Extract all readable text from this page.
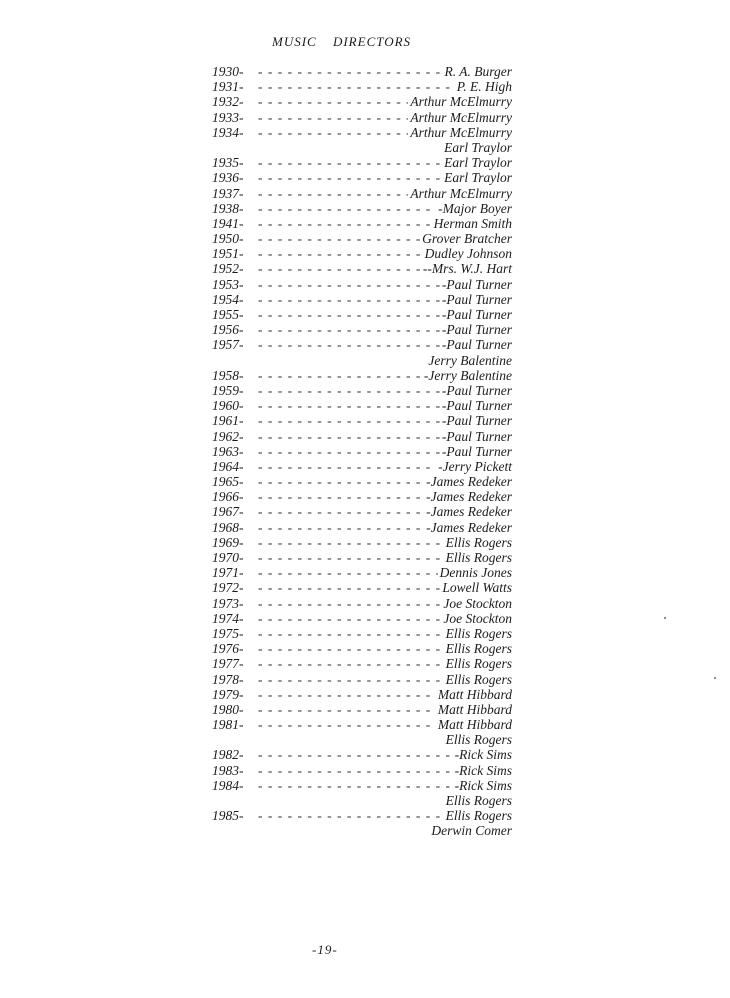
MUSIC DIRECTORS
1930- - - -	R. A. Burger
1931- - - -	P. E. High
1932- - - -	Arthur McElmurry
1933- - - -	Arthur McElmurry
1934- - - -	Arthur McElmurry
Earl Traylor
1935- - - -	Earl Traylor
1936- - - -	Earl Traylor
1937- - - -	Arthur McElmurry
1938- - - -	-Major Boyer
1941- - - -	Herman Smith
1950- - - -	Grover Bratcher
1951- - - -	Dudley Johnson
1952- - - -	--Mrs. W.J. Hart
1953- - - -	-Paul Turner
1954- - - -	-Paul Turner
1955- - - -	-Paul Turner
1956- - - -	-Paul Turner
1957- - - -	-Paul Turner
Jerry Balentine
1958- - - -	-Jerry Balentine
1959- - - -	-Paul Turner
1960- - - -	-Paul Turner
1961- - - -	-Paul Turner
1962- - - -	-Paul Turner
1963- - - -	-Paul Turner
1964- - - -	-Jerry Pickett
1965- - - -	-James Redeker
1966- - - -	-James Redeker
1967- - - -	-James Redeker
1968- - - -	-James Redeker
1969- - - -	Ellis Rogers
1970- - - -	Ellis Rogers
1971- - - -	Dennis Jones
1972- - - -	Lowell Watts
1973- - - -	Joe Stockton
1974- - - -	Joe Stockton
1975- - - -	Ellis Rogers
1976- - - -	Ellis Rogers
1977- - - -	Ellis Rogers
1978- - - -	Ellis Rogers
1979- - - -	Matt Hibbard
1980- - - -	Matt Hibbard
1981- - - -	Matt Hibbard
Ellis Rogers
1982- - - -	-Rick Sims
1983- - - -	-Rick Sims
1984- - - -	-Rick Sims
Ellis Rogers
1985- - - -	Ellis Rogers
Derwin Comer
-19-
